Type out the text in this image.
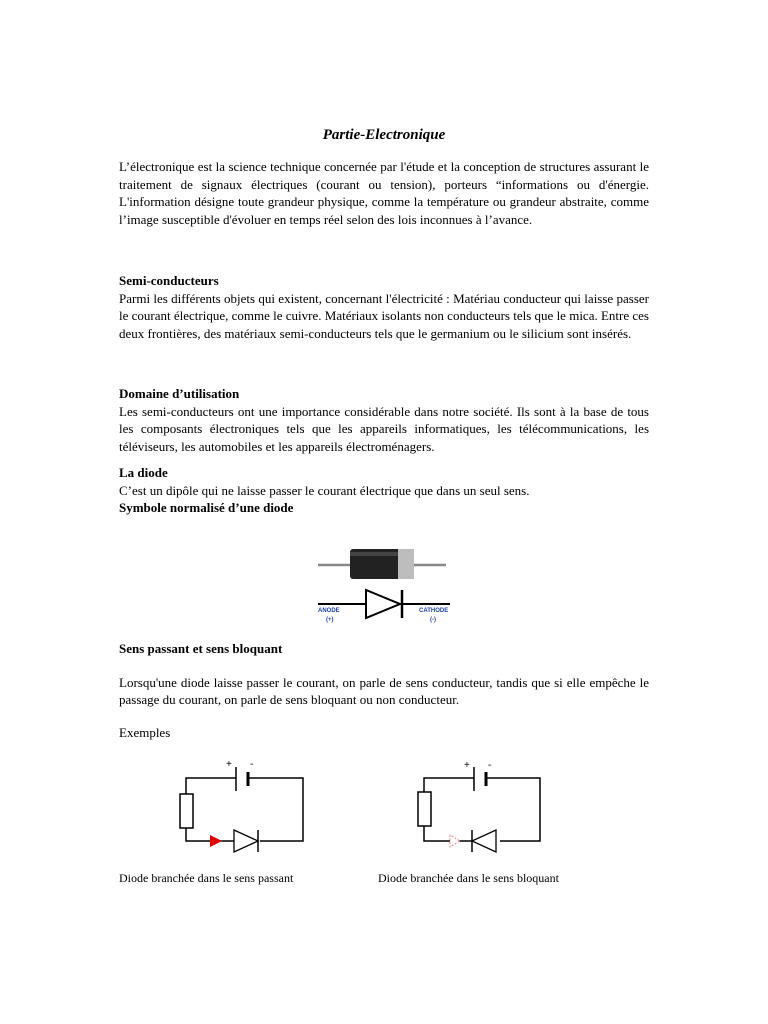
Partie-Electronique

L’électronique est la science technique concernée par l'étude et la conception de structures assurant le traitement de signaux électriques (courant ou tension), porteurs “informations ou d'énergie. L'information désigne toute grandeur physique, comme la température ou grandeur abstraite, comme l’image susceptible d'évoluer en temps réel selon des lois inconnues à l’avance.

Semi-conducteurs

Parmi les différents objets qui existent, concernant l'électricité : Matériau conducteur qui laisse passer le courant électrique, comme le cuivre. Matériaux isolants non conducteurs tels que le mica. Entre ces deux frontières, des matériaux semi-conducteurs tels que le germanium ou le silicium sont insérés.

Domaine d’utilisation

Les semi-conducteurs ont une importance considérable dans notre société. Ils sont à la base de tous les composants électroniques tels que les appareils informatiques, les télécommunications, les téléviseurs, les automobiles et les appareils électroménagers.

La diode

C’est un dipôle qui ne laisse passer le courant électrique que dans un seul sens.

Symbole normalisé d’une diode

ANODE
(+)
CATHODE
(-)

Sens passant et sens bloquant

Lorsqu'une diode laisse passer le courant, on parle de sens conducteur, tandis que si elle empêche le passage du courant, on parle de sens bloquant ou non conducteur.

Exemples

+ -
Diode branchée dans le sens passant
+ -
Diode branchée dans le sens bloquant
